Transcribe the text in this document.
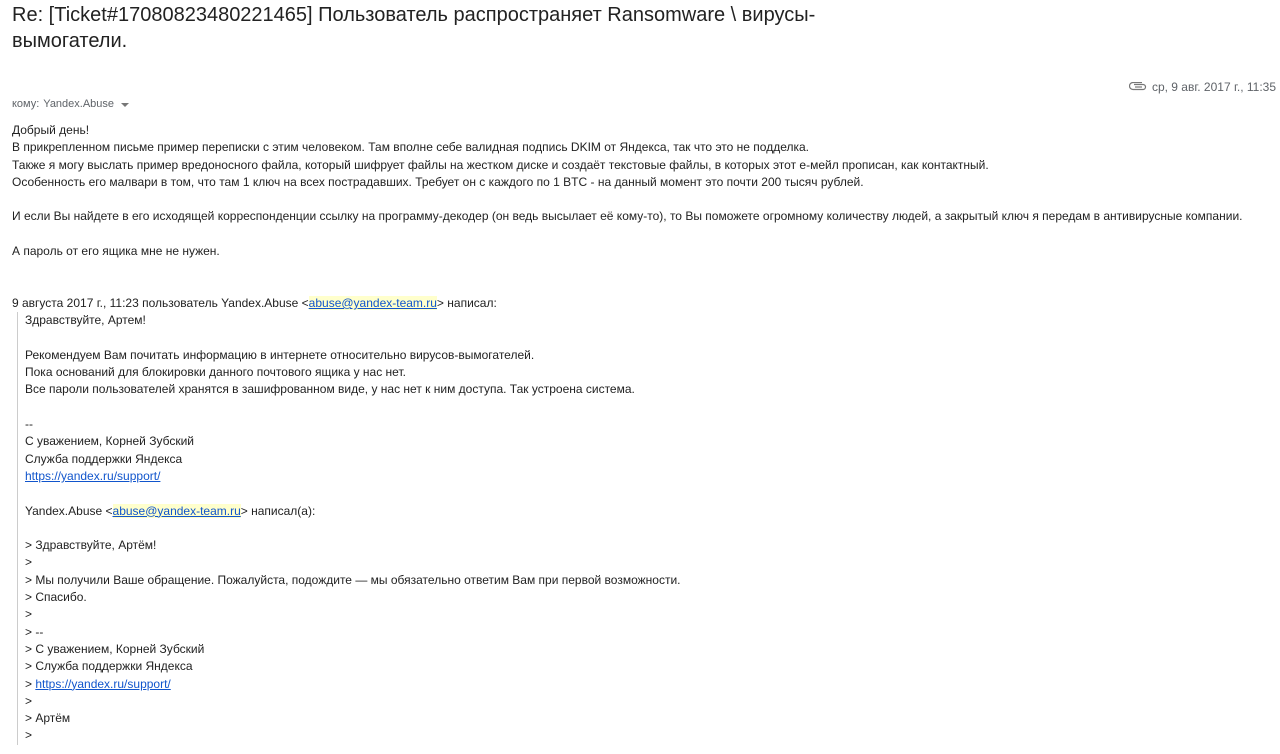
Re: [Ticket#17080823480221465] Пользователь распространяет Ransomware \ вирусы-вымогатели.
ср, 9 авг. 2017 г., 11:35
кому: Yandex.Abuse
Добрый день!
В прикрепленном письме пример переписки с этим человеком. Там вполне себе валидная подпись DKIM от Яндекса, так что это не подделка.
Также я могу выслать пример вредоносного файла, который шифрует файлы на жестком диске и создаёт текстовые файлы, в которых этот е-мейл прописан, как контактный.
Особенность его малвари в том, что там 1 ключ на всех пострадавших. Требует он с каждого по 1 BTC - на данный момент это почти 200 тысяч рублей.
И если Вы найдете в его исходящей корреспонденции ссылку на программу-декодер (он ведь высылает её кому-то), то Вы поможете огромному количеству людей, а закрытый ключ я передам в антивирусные компании.
А пароль от его ящика мне не нужен.
9 августа 2017 г., 11:23 пользователь Yandex.Abuse <abuse@yandex-team.ru> написал:
Здравствуйте, Артем!
Рекомендуем Вам почитать информацию в интернете относительно вирусов-вымогателей.
Пока оснований для блокировки данного почтового ящика у нас нет.
Все пароли пользователей хранятся в зашифрованном виде, у нас нет к ним доступа. Так устроена система.
--
С уважением, Корней Зубский
Служба поддержки Яндекса
https://yandex.ru/support/
Yandex.Abuse <abuse@yandex-team.ru> написал(а):
> Здравствуйте, Артём!
>
> Мы получили Ваше обращение. Пожалуйста, подождите — мы обязательно ответим Вам при первой возможности.
> Спасибо.
>
> --
> С уважением, Корней Зубский
> Служба поддержки Яндекса
> https://yandex.ru/support/
>
> Артём
>
